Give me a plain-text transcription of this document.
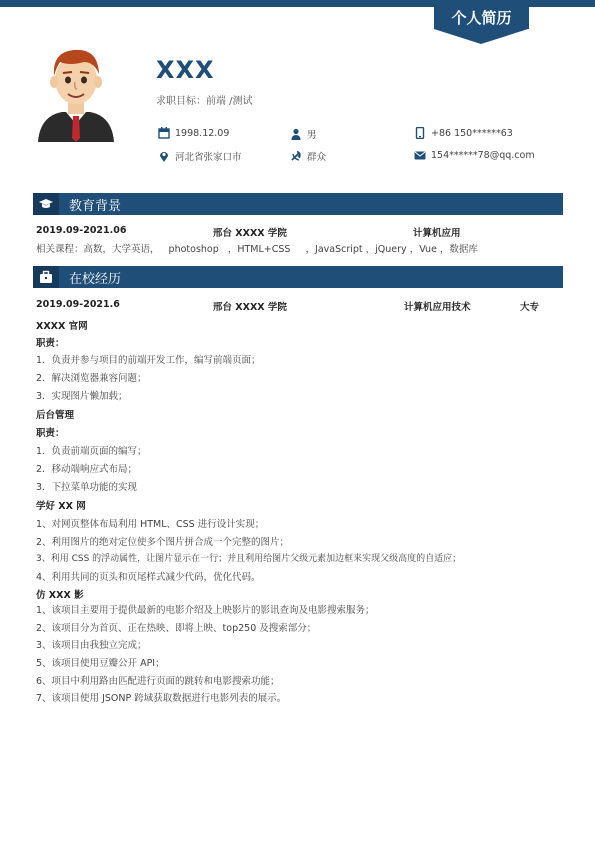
个人简历
XXX
求职目标：前端 /测试
1998.12.09	男	+86 150******63
河北省张家口市	群众	154******78@qq.com
教育背景
2019.09-2021.06	邢台 XXXX 学院	计算机应用
相关课程：高数，大学英语，   photoshop   ，HTML+CSS     ，JavaScript ，jQuery ，Vue ，数据库
在校经历
2019.09-2021.6	邢台 XXXX 学院	计算机应用技术	大专
XXXX 官网
职责：
1．负责并参与项目的前端开发工作，编写前端页面；
2．解决浏览器兼容问题；
3．实现图片懒加载；
后台管理
职责：
1．负责前端页面的编写；
2．移动端响应式布局；
3．下拉菜单功能的实现
学好 XX 网
1、对网页整体布局利用 HTML、CSS 进行设计实现；
2、利用图片的绝对定位使多个图片拼合成一个完整的图片；
3、利用 CSS 的浮动属性，让图片显示在一行；并且利用给图片父级元素加边框来实现父级高度的自适应；
4、利用共同的页头和页尾样式减少代码，优化代码。
仿 XXX 影
1、该项目主要用于提供最新的电影介绍及上映影片的影讯查询及电影搜索服务；
2、该项目分为首页、正在热映、即将上映、top250 及搜索部分；
3、该项目由我独立完成；
5、该项目使用豆瓣公开 API；
6、项目中利用路由匹配进行页面的跳转和电影搜索功能；
7、该项目使用 JSONP 跨域获取数据进行电影列表的展示。
